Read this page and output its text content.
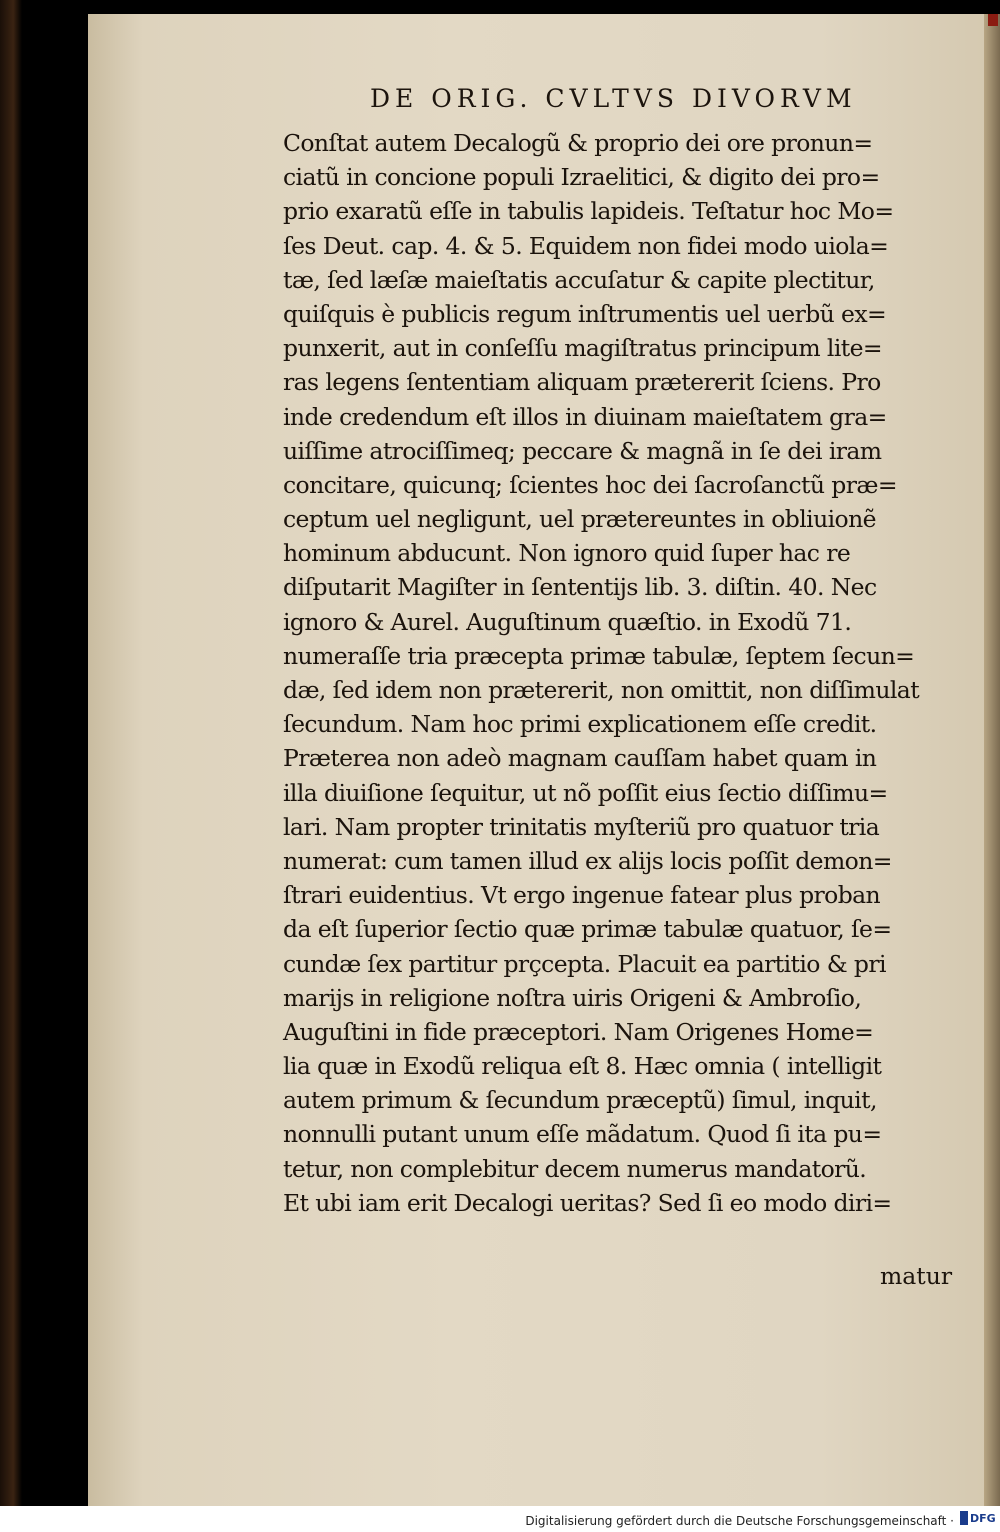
DE ORIG. CVLTVS DIVORVM
Conſtat autem Decalogũ & proprio dei ore pronun=
ciatũ in concione populi Izraelitici, & digito dei pro=
prio exaratũ eſſe in tabulis lapideis. Teſtatur hoc Mo=
ſes Deut. cap. 4. & 5. Equidem non fidei modo uiola=
tæ, ſed læſæ maieſtatis accuſatur & capite plectitur,
quiſquis è publicis regum inſtrumentis uel uerbũ ex=
punxerit, aut in conſeſſu magiſtratus principum lite=
ras legens ſententiam aliquam prætererit ſciens. Pro
inde credendum eſt illos in diuinam maieſtatem gra=
uiſſime atrociſſimeq; peccare & magnã in ſe dei iram
concitare, quicunq; ſcientes hoc dei ſacroſanctũ præ=
ceptum uel negligunt, uel prætereuntes in obliuionẽ
hominum abducunt. Non ignoro quid ſuper hac re
diſputarit Magiſter in ſententijs lib. 3. diſtin. 40. Nec
ignoro & Aurel. Auguſtinum quæſtio. in Exodũ 71.
numeraſſe tria præcepta primæ tabulæ, ſeptem ſecun=
dæ, ſed idem non prætererit, non omittit, non diſſimulat
ſecundum. Nam hoc primi explicationem eſſe credit.
Præterea non adeò magnam cauſſam habet quam in
illa diuiſione ſequitur, ut nõ poſſit eius ſectio diſſimu=
lari. Nam propter trinitatis myſteriũ pro quatuor tria
numerat: cum tamen illud ex alijs locis poſſit demon=
ſtrari euidentius. Vt ergo ingenue fatear plus proban
da eſt ſuperior ſectio quæ primæ tabulæ quatuor, ſe=
cundæ ſex partitur prçcepta. Placuit ea partitio & pri
marijs in religione noſtra uiris Origeni & Ambroſio,
Auguſtini in fide præceptori. Nam Origenes Home=
lia quæ in Exodũ reliqua eſt 8. Hæc omnia ( intelligit
autem primum & ſecundum præceptũ) ſimul, inquit,
nonnulli putant unum eſſe mãdatum. Quod ſi ita pu=
tetur, non complebitur decem numerus mandatorũ.
Et ubi iam erit Decalogi ueritas? Sed ſi eo modo diri=
matur
Digitalisierung gefördert durch die Deutsche Forschungsgemeinschaft · DFG
